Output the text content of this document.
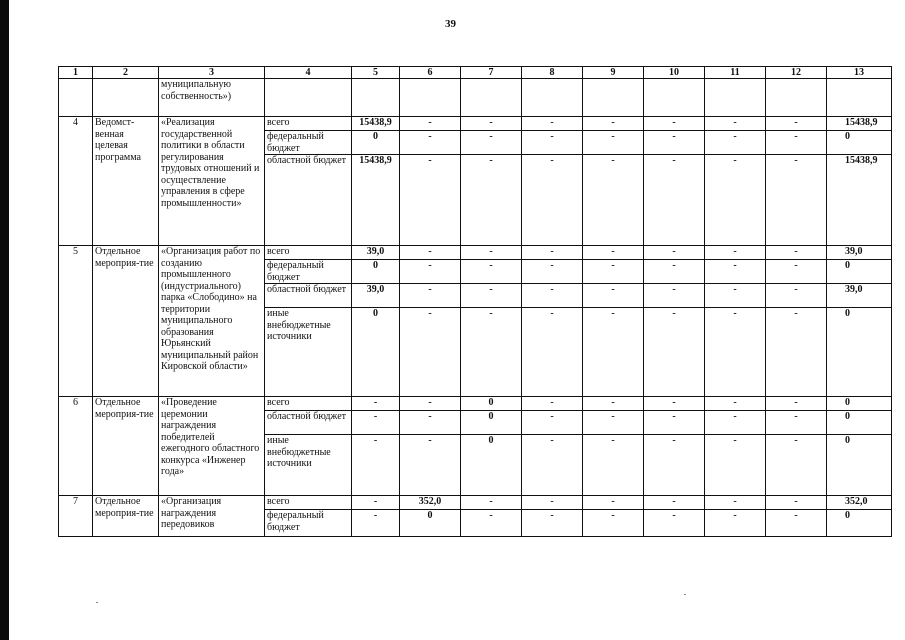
39
1	2	3	4	5	6	7	8	9	10	11	12	13
		муниципальную собственность»)										
4	Ведомст-венная целевая программа	«Реализация государственной политики в области регулирования трудовых отношений и осуществление управления в сфере промышленности»	всего	15438,9	-	-	-	-	-	-	-	15438,9
			федеральный бюджет	0	-	-	-	-	-	-	-	0
			областной бюджет	15438,9	-	-	-	-	-	-	-	15438,9
5	Отдельное мероприя-тие	«Организация работ по созданию промышленного (индустриального) парка «Слободино» на территории муниципального образования Юрьянский муниципальный район Кировской области»	всего	39,0	-	-	-	-	-	-	-	39,0
			федеральный бюджет	0	-	-	-	-	-	-	-	0
			областной бюджет	39,0	-	-	-	-	-	-	-	39,0
			иные внебюджетные источники	0	-	-	-	-	-	-	-	0
6	Отдельное мероприя-тие	«Проведение церемонии награждения победителей ежегодного областного конкурса «Инженер года»	всего	-	-	0	-	-	-	-	-	0
			областной бюджет	-	-	0	-	-	-	-	-	0
			иные внебюджетные источники	-	-	0	-	-	-	-	-	0
7	Отдельное мероприя-тие	«Организация награждения передовиков	всего	-	352,0	-	-	-	-	-	-	352,0
			федеральный бюджет	-	0	-	-	-	-	-	-	0
